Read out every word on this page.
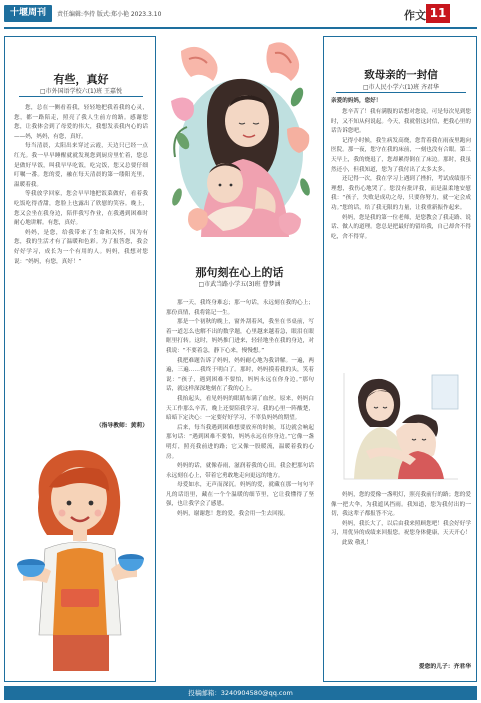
十堰周刊	责任编辑:李持 版式:郑小艳 2023.3.10	作文 11
有些，真好
□市外国语学校六(1)班 王嘉悦

您，总在一侧看着我，轻轻地把我着我的心灵，您，都一路陪走，照亮了我人生前方的路。感谢您您，让我体会到了母爱的伟大，我想发表我内心的话——妈，妈妈，有您，真好。

每当清晨，太阳出来穿过云霞，天边只已经一点红光。我一早早睡醒就就发现您到厨房里忙着，您总是做好早饭，叫我早早吃饭，吃完饭，您又总要仔细叮嘱一番。您的爱，融在每天清晨的第一缕阳光里，温暖着我。

等我放学回家，您会早早地把饭菜做好，看着我吃饭吃得香甜，您脸上也露出了欣慰的笑容。晚上，您又会坐在我身边，陪伴我写作业，在我遇到困难时耐心地讲解。有您，真好。

妈妈，是您，给我带来了生命和关怀，因为有您，我的生活才有了温暖和色彩。为了报答您，我会好好学习，成长为一个有用的人。妈妈，我想对您说：“妈妈，有您，真好！”

（指导教师：黄莉）
那句刻在心上的话
□市武当路小学五(3)班 曹梦涵

那一天，我终身难忘；那一句话，永远刻在我的心上；那份真情，我将铭记一生。

那是一个初秋的晚上，窗外刮着风，我坐在书桌前，写着一道怎么也解不出的数学题，心里越来越着急，眼泪在眼眶里打转。这时，妈妈推门进来，轻轻地坐在我的身边，对我说：“不要着急，静下心来，慢慢想。”

我把难题告诉了妈妈，妈妈耐心地为我讲解。一遍，两遍，三遍……我终于明白了。那时，妈妈摸着我的头，笑着说：“孩子，遇到困难不要怕，妈妈永远在你身边。”那句话，就这样深深地刻在了我的心上。

我抬起头，看见妈妈的眼睛布满了血丝。原来，妈妈白天工作那么辛苦，晚上还要陪我学习。我的心里一阵酸楚，暗暗下定决心：一定要好好学习，不辜负妈妈的期望。

后来，每当我遇到困难想要放弃的时候，耳边就会响起那句话：“遇到困难不要怕，妈妈永远在你身边。”它像一盏明灯，照亮我前进的路；它又像一股暖流，温暖着我的心房。

妈妈的话，就像春雨，滋润着我的心田。我会把那句话永远刻在心上，带着它勇敢地走向更远的地方。

母爱如水，无声而深沉。妈妈的爱，就藏在那一句句平凡的话语里，藏在一个个温暖的细节里，它让我懂得了坚强，也让我学会了感恩。

妈妈，谢谢您！您的爱，我会用一生去回报。

致母亲的一封信
□市人民小学六(1)班 齐君华
亲爱的妈妈，您好！

您辛苦了！我有满腹的话想对您说，可是每次见到您时，又不知从何说起。今天，我就借这封信，把我心里的话告诉您吧。

记得小时候，我生病发高烧，您背着我在雨夜里跑向医院。那一夜，您守在我的床前，一刻也没有合眼。第二天早上，我的烧退了，您却累得倒在了床边。那时，我虽然还小，但我知道，您为了我付出了太多太多。

还记得一次，我在学习上遇到了挫折，考试成绩很不理想，我伤心地哭了。您没有批评我，而是温柔地安慰我：“孩子，失败是成功之母，只要你努力，就一定会成功。”您的话，给了我无限的力量，让我重新振作起来。

妈妈，您是我的第一位老师，是您教会了我走路、说话、做人的道理。您总是把最好的留给我，自己却舍不得吃，舍不得穿。

妈妈，您的爱像一盏明灯，照亮我前行的路；您的爱像一把大伞，为我遮风挡雨。我知道，您为我付出的一切，我这辈子都报答不完。

妈妈，我长大了，以后由我来照顾您吧！我会好好学习，用优异的成绩来回报您。祝您身体健康，天天开心！

此致 敬礼！

爱您的儿子：齐君华
投稿邮箱：3240904580@qq.com
